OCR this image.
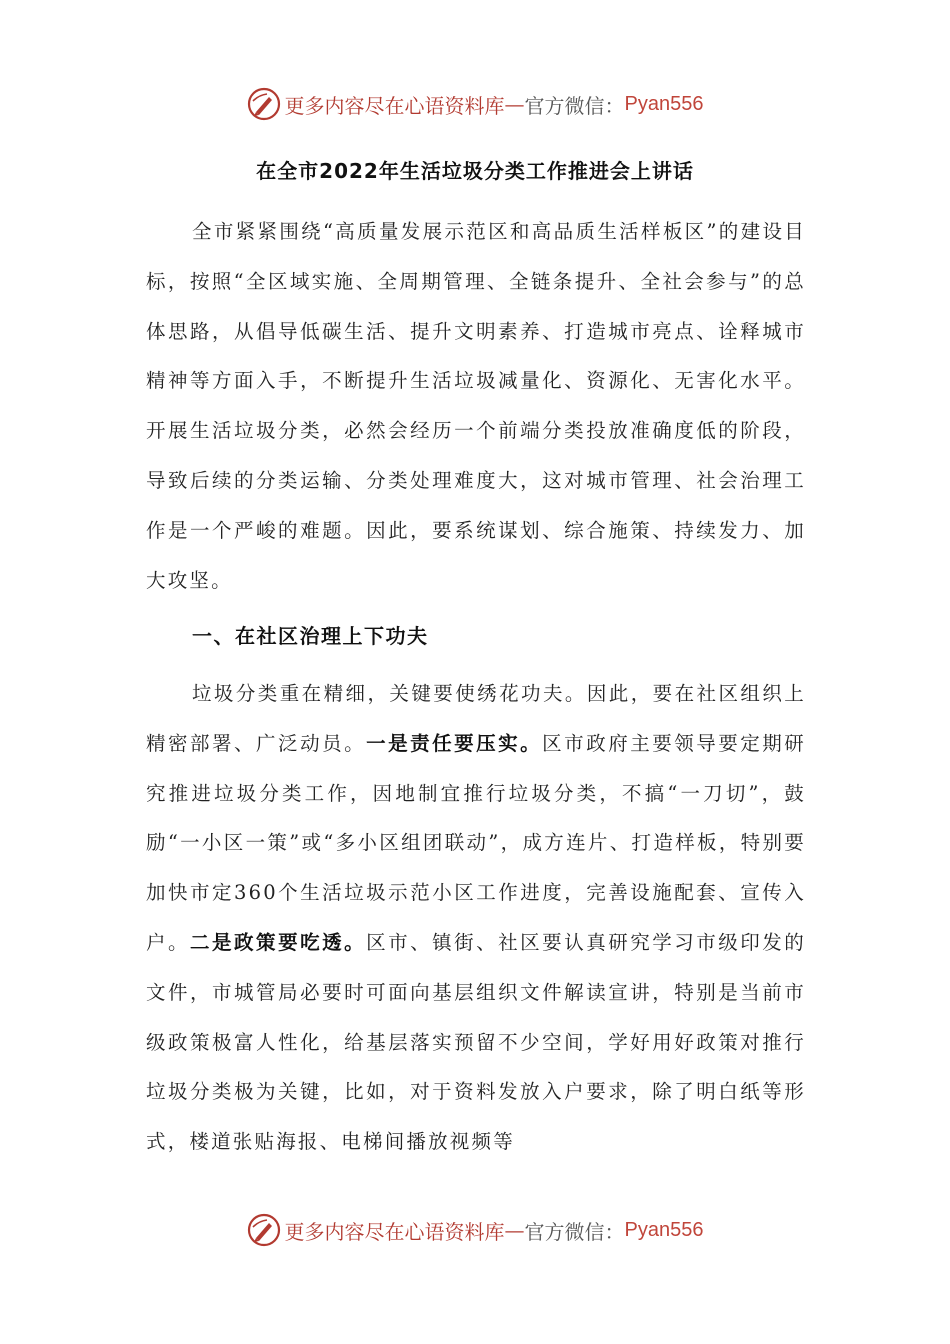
更多内容尽在心语资料库 — 官方微信： Pyan556
在全市2022年生活垃圾分类工作推进会上讲话

全市紧紧围绕“高质量发展示范区和高品质生活样板区”的建设目标，按照“全区域实施、全周期管理、全链条提升、全社会参与”的总体思路，从倡导低碳生活、提升文明素养、打造城市亮点、诠释城市精神等方面入手，不断提升生活垃圾减量化、资源化、无害化水平。开展生活垃圾分类，必然会经历一个前端分类投放准确度低的阶段，导致后续的分类运输、分类处理难度大，这对城市管理、社会治理工作是一个严峻的难题。因此，要系统谋划、综合施策、持续发力、加大攻坚。

一、在社区治理上下功夫

垃圾分类重在精细，关键要使绣花功夫。因此，要在社区组织上精密部署、广泛动员。一是责任要压实。区市政府主要领导要定期研究推进垃圾分类工作，因地制宜推行垃圾分类，不搞“一刀切”，鼓励“一小区一策”或“多小区组团联动”，成方连片、打造样板，特别要加快市定360个生活垃圾示范小区工作进度，完善设施配套、宣传入户。二是政策要吃透。区市、镇街、社区要认真研究学习市级印发的文件，市城管局必要时可面向基层组织文件解读宣讲，特别是当前市级政策极富人性化，给基层落实预留不少空间，学好用好政策对推行垃圾分类极为关键，比如，对于资料发放入户要求，除了明白纸等形式，楼道张贴海报、电梯间播放视频等

更多内容尽在心语资料库 — 官方微信： Pyan556
